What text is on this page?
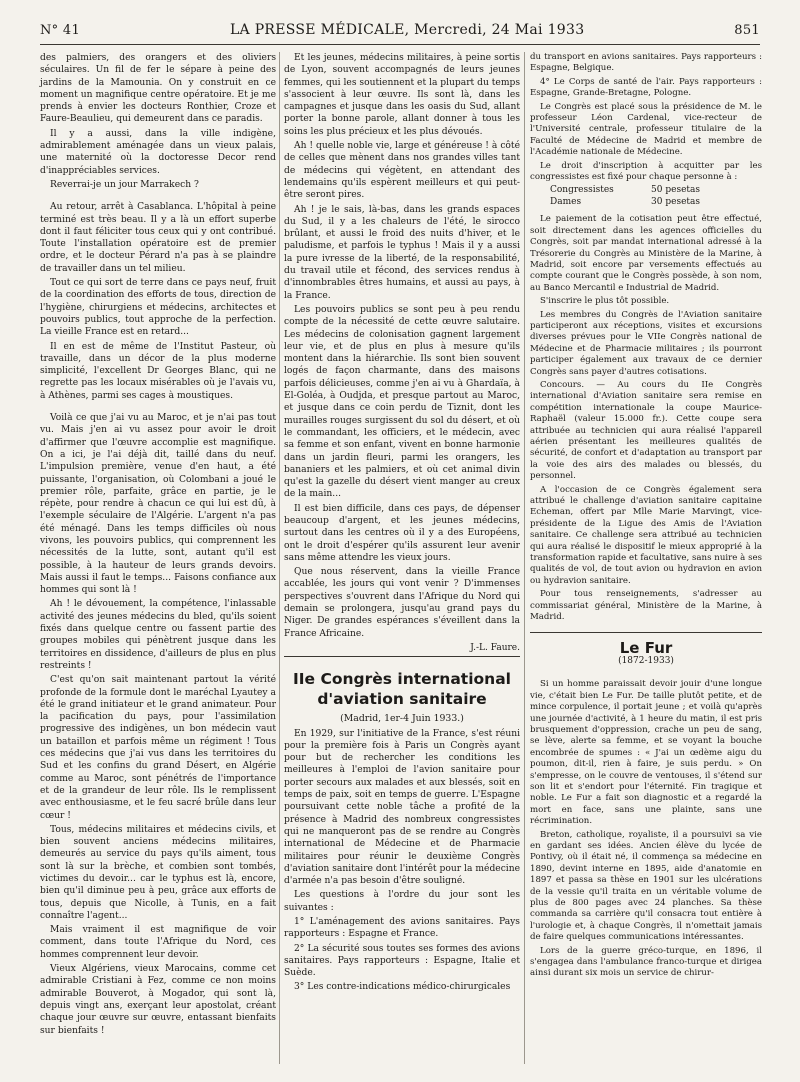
N° 41	LA PRESSE MÉDICALE, Mercredi, 24 Mai 1933	851

des palmiers, des orangers et des oliviers séculaires. Un fil de fer le sépare à peine des jardins de la Mamounia. On y construit en ce moment un magnifique centre opératoire. Et je me prends à envier les docteurs Ronthier, Croze et Faure-Beaulieu, qui demeurent dans ce paradis.

Il y a aussi, dans la ville indigène, admirablement aménagée dans un vieux palais, une maternité où la doctoresse Decor rend d'inappréciables services.

Reverrai-je un jour Marrakech ?

Au retour, arrêt à Casablanca. L'hôpital à peine terminé est très beau. Il y a là un effort superbe dont il faut féliciter tous ceux qui y ont contribué. Toute l'installation opératoire est de premier ordre, et le docteur Pérard n'a pas à se plaindre de travailler dans un tel milieu.

Tout ce qui sort de terre dans ce pays neuf, fruit de la coordination des efforts de tous, direction de l'hygiène, chirurgiens et médecins, architectes et pouvoirs publics, tout approche de la perfection. La vieille France est en retard...

Il en est de même de l'Institut Pasteur, où travaille, dans un décor de la plus moderne simplicité, l'excellent Dr Georges Blanc, qui ne regrette pas les locaux misérables où je l'avais vu, à Athènes, parmi ses cages à moustiques.

Voilà ce que j'ai vu au Maroc, et je n'ai pas tout vu. Mais j'en ai vu assez pour avoir le droit d'affirmer que l'œuvre accomplie est magnifique. On a ici, je l'ai déjà dit, taillé dans du neuf. L'impulsion première, venue d'en haut, a été puissante, l'organisation, où Colombani a joué le premier rôle, parfaite, grâce en partie, je le répète, pour rendre à chacun ce qui lui est dû, à l'exemple séculaire de l'Algérie. L'argent n'a pas été ménagé. Dans les temps difficiles où nous vivons, les pouvoirs publics, qui comprennent les nécessités de la lutte, sont, autant qu'il est possible, à la hauteur de leurs grands devoirs. Mais aussi il faut le temps... Faisons confiance aux hommes qui sont là !

Ah ! le dévouement, la compétence, l'inlassable activité des jeunes médecins du bled, qu'ils soient fixés dans quelque centre ou fassent partie des groupes mobiles qui pénètrent jusque dans les territoires en dissidence, d'ailleurs de plus en plus restreints !

C'est qu'on sait maintenant partout la vérité profonde de la formule dont le maréchal Lyautey a été le grand initiateur et le grand animateur. Pour la pacification du pays, pour l'assimilation progressive des indigènes, un bon médecin vaut un bataillon et parfois même un régiment ! Tous ces médecins que j'ai vus dans les territoires du Sud et les confins du grand Désert, en Algérie comme au Maroc, sont pénétrés de l'importance et de la grandeur de leur rôle. Ils le remplissent avec enthousiasme, et le feu sacré brûle dans leur cœur !

Tous, médecins militaires et médecins civils, et bien souvent anciens médecins militaires, demeurés au service du pays qu'ils aiment, tous sont là sur la brèche, et combien sont tombés, victimes du devoir... car le typhus est là, encore, bien qu'il diminue peu à peu, grâce aux efforts de tous, depuis que Nicolle, à Tunis, en a fait connaître l'agent...

Mais vraiment il est magnifique de voir comment, dans toute l'Afrique du Nord, ces hommes comprennent leur devoir.

Vieux Algériens, vieux Marocains, comme cet admirable Cristiani à Fez, comme ce non moins admirable Bouverot, à Mogador, qui sont là, depuis vingt ans, exerçant leur apostolat, créant chaque jour œuvre sur œuvre, entassant bienfaits sur bienfaits !

Et les jeunes, médecins militaires, à peine sortis de Lyon, souvent accompagnés de leurs jeunes femmes, qui les soutiennent et la plupart du temps s'associent à leur œuvre. Ils sont là, dans les campagnes et jusque dans les oasis du Sud, allant porter la bonne parole, allant donner à tous les soins les plus précieux et les plus dévoués.

Ah ! quelle noble vie, large et généreuse ! à côté de celles que mènent dans nos grandes villes tant de médecins qui végètent, en attendant des lendemains qu'ils espèrent meilleurs et qui peut-être seront pires.

Ah ! je le sais, là-bas, dans les grands espaces du Sud, il y a les chaleurs de l'été, le sirocco brûlant, et aussi le froid des nuits d'hiver, et le paludisme, et parfois le typhus ! Mais il y a aussi la pure ivresse de la liberté, de la responsabilité, du travail utile et fécond, des services rendus à d'innombrables êtres humains, et aussi au pays, à la France.

Les pouvoirs publics se sont peu à peu rendu compte de la nécessité de cette œuvre salutaire. Les médecins de colonisation gagnent largement leur vie, et de plus en plus à mesure qu'ils montent dans la hiérarchie. Ils sont bien souvent logés de façon charmante, dans des maisons parfois délicieuses, comme j'en ai vu à Ghardaïa, à El-Goléa, à Oudjda, et presque partout au Maroc, et jusque dans ce coin perdu de Tiznit, dont les murailles rouges surgissent du sol du désert, et où le commandant, les officiers, et le médecin, avec sa femme et son enfant, vivent en bonne harmonie dans un jardin fleuri, parmi les orangers, les bananiers et les palmiers, et où cet animal divin qu'est la gazelle du désert vient manger au creux de la main...

Il est bien difficile, dans ces pays, de dépenser beaucoup d'argent, et les jeunes médecins, surtout dans les centres où il y a des Européens, ont le droit d'espérer qu'ils assurent leur avenir sans même attendre les vieux jours.

Que nous réservent, dans la vieille France accablée, les jours qui vont venir ? D'immenses perspectives s'ouvrent dans l'Afrique du Nord qui demain se prolongera, jusqu'au grand pays du Niger. De grandes espérances s'éveillent dans la France Africaine.

J.-L. Faure.

IIe Congrès international d'aviation sanitaire

(Madrid, 1er-4 Juin 1933.)

En 1929, sur l'initiative de la France, s'est réuni pour la première fois à Paris un Congrès ayant pour but de rechercher les conditions les meilleures à l'emploi de l'avion sanitaire pour porter secours aux malades et aux blessés, soit en temps de paix, soit en temps de guerre. L'Espagne poursuivant cette noble tâche a profité de la présence à Madrid des nombreux congressistes qui ne manqueront pas de se rendre au Congrès international de Médecine et de Pharmacie militaires pour réunir le deuxième Congrès d'aviation sanitaire dont l'intérêt pour la médecine d'armée n'a pas besoin d'être souligné.

Les questions à l'ordre du jour sont les suivantes :

1° L'aménagement des avions sanitaires. Pays rapporteurs : Espagne et France.

2° La sécurité sous toutes ses formes des avions sanitaires. Pays rapporteurs : Espagne, Italie et Suède.

3° Les contre-indications médico-chirurgicales

du transport en avions sanitaires. Pays rapporteurs : Espagne, Belgique.

4° Le Corps de santé de l'air. Pays rapporteurs : Espagne, Grande-Bretagne, Pologne.

Le Congrès est placé sous la présidence de M. le professeur Léon Cardenal, vice-recteur de l'Université centrale, professeur titulaire de la Faculté de Médecine de Madrid et membre de l'Académie nationale de Médecine.

Le droit d'inscription à acquitter par les congressistes est fixé pour chaque personne à :

Congressistes	50 pesetas
Dames	30 pesetas

Le paiement de la cotisation peut être effectué, soit directement dans les agences officielles du Congrès, soit par mandat international adressé à la Trésorerie du Congrès au Ministère de la Marine, à Madrid, soit encore par versements effectués au compte courant que le Congrès possède, à son nom, au Banco Mercantil e Industrial de Madrid.

S'inscrire le plus tôt possible.

Les membres du Congrès de l'Aviation sanitaire participeront aux réceptions, visites et excursions diverses prévues pour le VIIe Congrès national de Médecine et de Pharmacie militaires ; ils pourront participer également aux travaux de ce dernier Congrès sans payer d'autres cotisations.

Concours. — Au cours du IIe Congrès international d'Aviation sanitaire sera remise en compétition internationale la coupe Maurice-Raphaël (valeur 15.000 fr.). Cette coupe sera attribuée au technicien qui aura réalisé l'appareil aérien présentant les meilleures qualités de sécurité, de confort et d'adaptation au transport par la voie des airs des malades ou blessés, du personnel.

A l'occasion de ce Congrès également sera attribué le challenge d'aviation sanitaire capitaine Echeman, offert par Mlle Marie Marvingt, vice-présidente de la Ligue des Amis de l'Aviation sanitaire. Ce challenge sera attribué au technicien qui aura réalisé le dispositif le mieux approprié à la transformation rapide et facultative, sans nuire à ses qualités de vol, de tout avion ou hydravion en avion ou hydravion sanitaire.

Pour tous renseignements, s'adresser au commissariat général, Ministère de la Marine, à Madrid.

Le Fur
(1872-1933)

Si un homme paraissait devoir jouir d'une longue vie, c'était bien Le Fur. De taille plutôt petite, et de mince corpulence, il portait jeune ; et voilà qu'après une journée d'activité, à 1 heure du matin, il est pris brusquement d'oppression, crache un peu de sang, se lève, alerte sa femme, et se voyant la bouche encombrée de spumes : « J'ai un œdème aigu du poumon, dit-il, rien à faire, je suis perdu. » On s'empresse, on le couvre de ventouses, il s'étend sur son lit et s'endort pour l'éternité. Fin tragique et noble. Le Fur a fait son diagnostic et a regardé la mort en face, sans une plainte, sans une récrimination.

Breton, catholique, royaliste, il a poursuivi sa vie en gardant ses idées. Ancien élève du lycée de Pontivy, où il était né, il commença sa médecine en 1890, devint interne en 1895, aide d'anatomie en 1897 et passa sa thèse en 1901 sur les ulcérations de la vessie qu'il traita en un véritable volume de plus de 800 pages avec 24 planches. Sa thèse commanda sa carrière qu'il consacra tout entière à l'urologie et, à chaque Congrès, il n'omettait jamais de faire quelques communications intéressantes.

Lors de la guerre gréco-turque, en 1896, il s'engagea dans l'ambulance franco-turque et dirigea ainsi durant six mois un service de chirur-
